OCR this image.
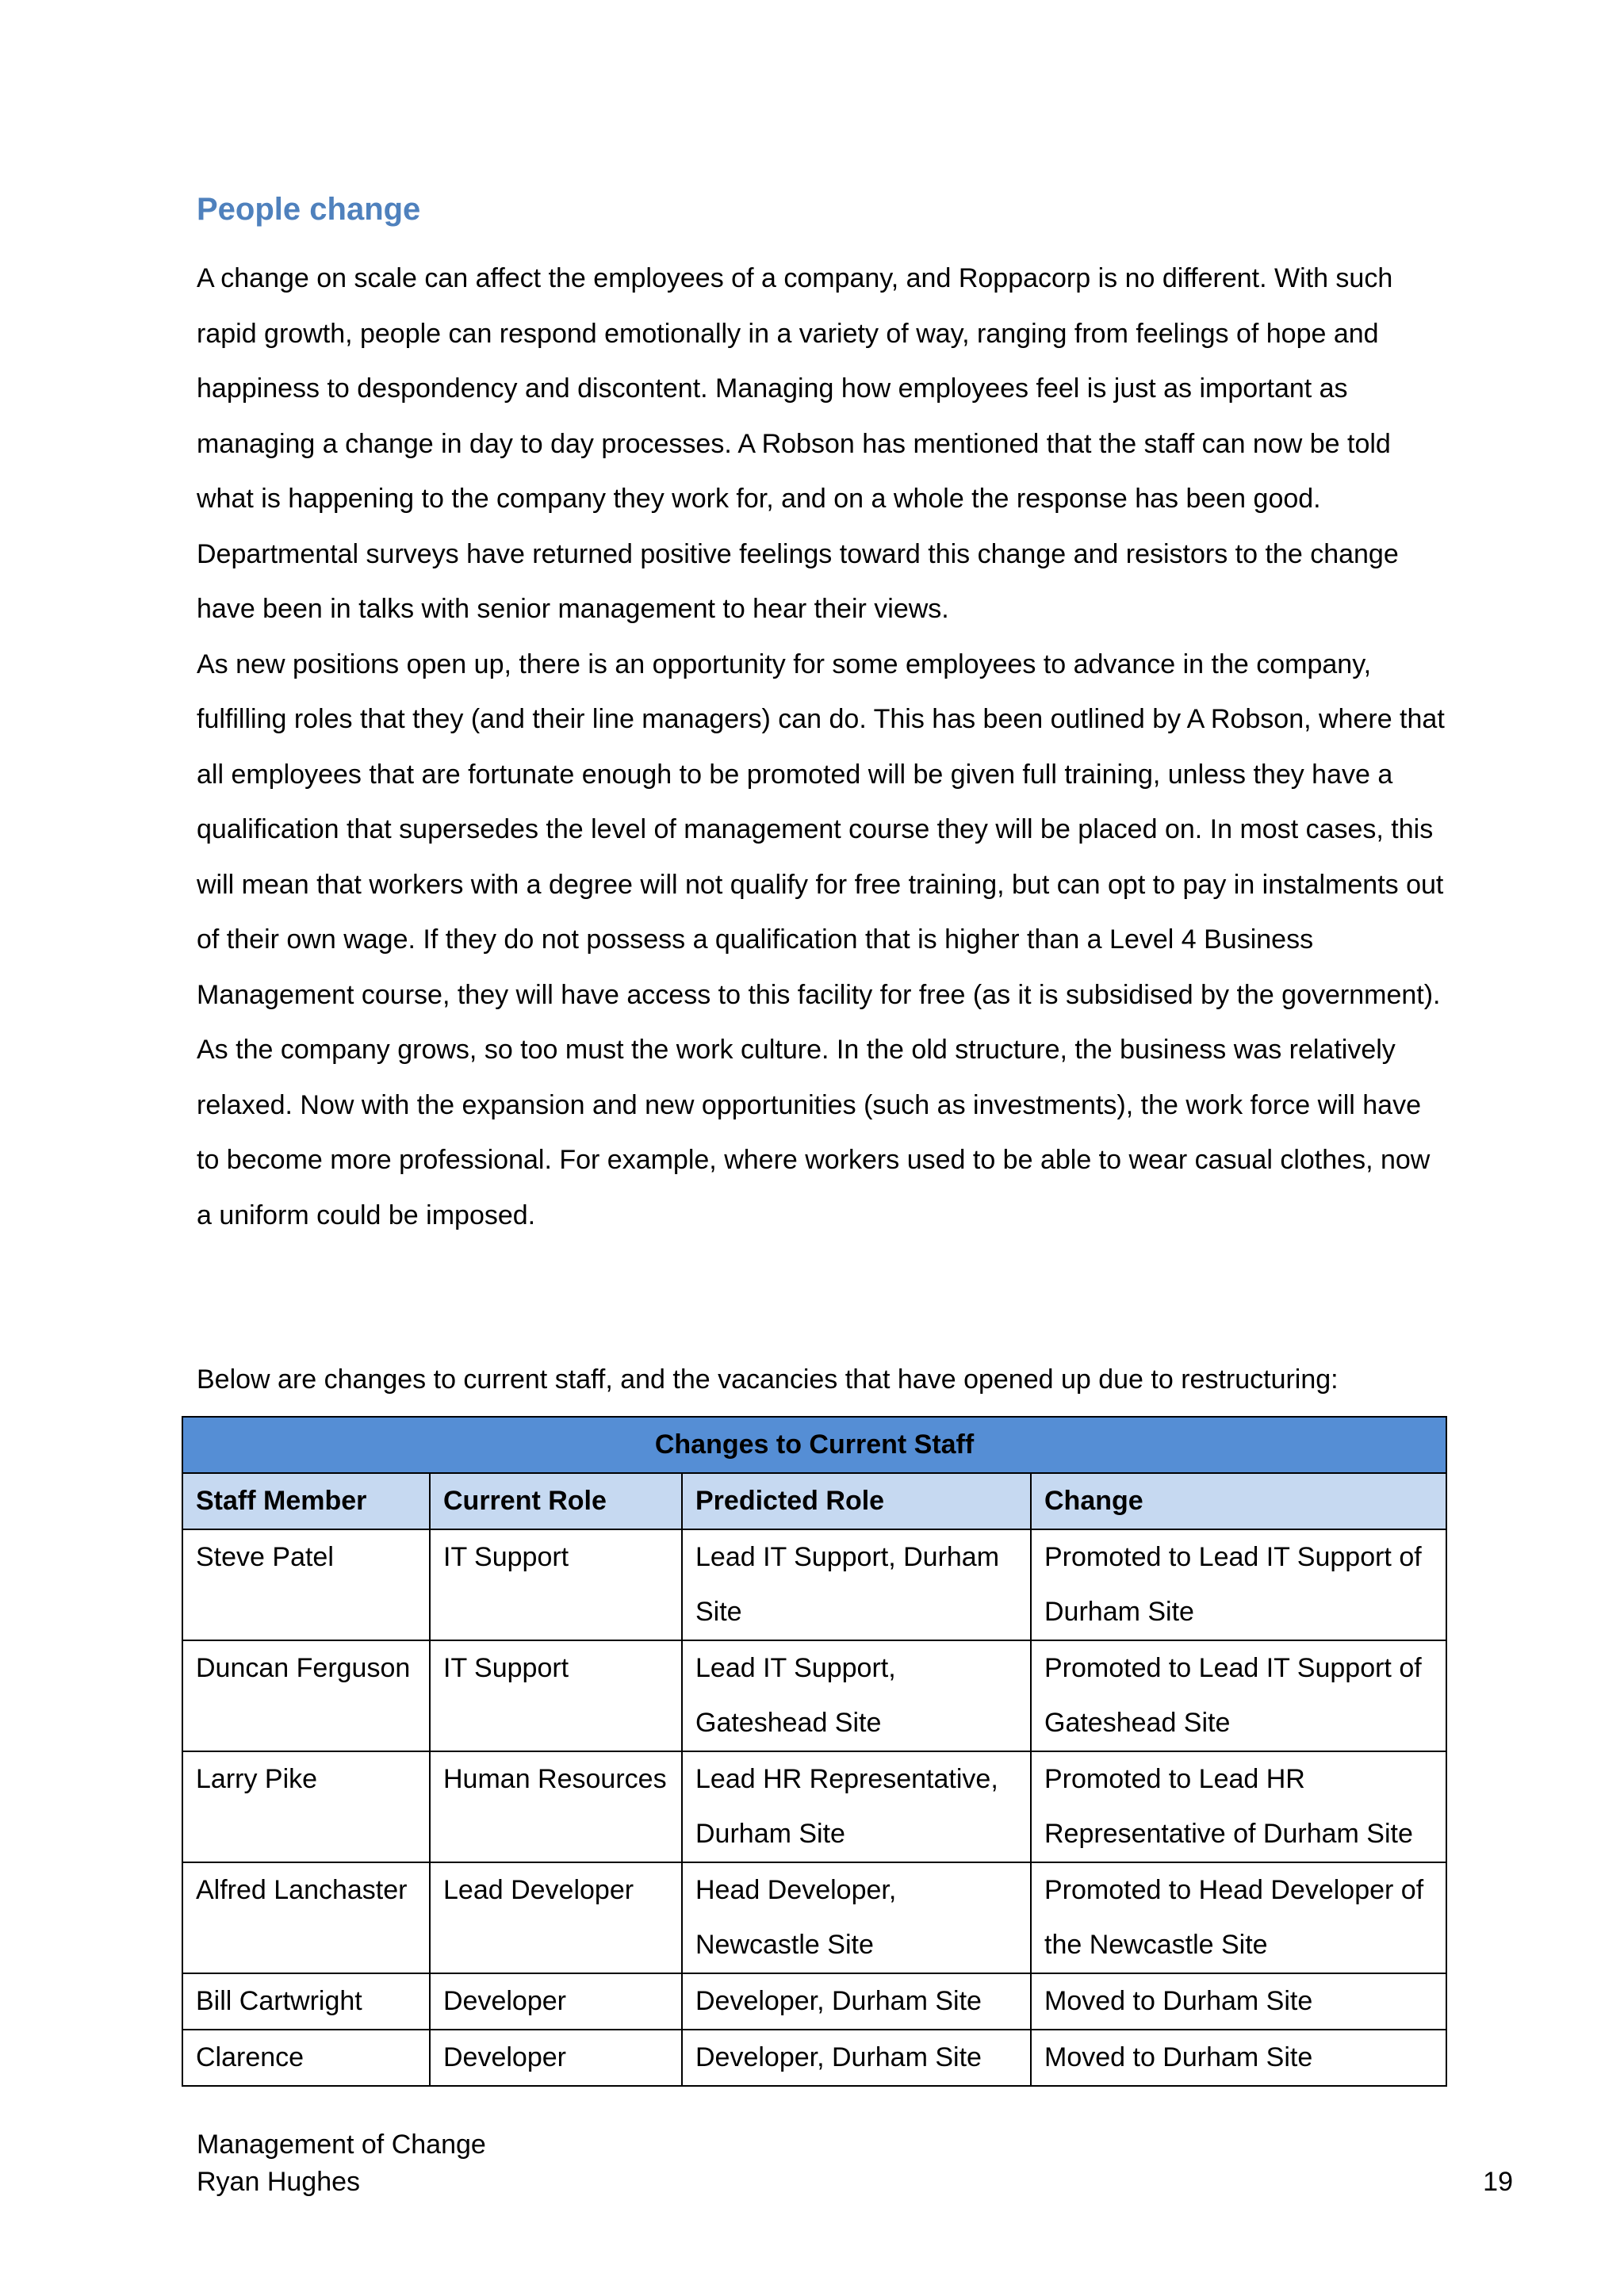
People change

A change on scale can affect the employees of a company, and Roppacorp is no different. With such rapid growth, people can respond emotionally in a variety of way, ranging from feelings of hope and happiness to despondency and discontent. Managing how employees feel is just as important as managing a change in day to day processes. A Robson has mentioned that the staff can now be told what is happening to the company they work for, and on a whole the response has been good. Departmental surveys have returned positive feelings toward this change and resistors to the change have been in talks with senior management to hear their views.

As new positions open up, there is an opportunity for some employees to advance in the company, fulfilling roles that they (and their line managers) can do. This has been outlined by A Robson, where that all employees that are fortunate enough to be promoted will be given full training, unless they have a qualification that supersedes the level of management course they will be placed on. In most cases, this will mean that workers with a degree will not qualify for free training, but can opt to pay in instalments out of their own wage. If they do not possess a qualification that is higher than a Level 4 Business Management course, they will have access to this facility for free (as it is subsidised by the government).

As the company grows, so too must the work culture. In the old structure, the business was relatively relaxed. Now with the expansion and new opportunities (such as investments), the work force will have to become more professional. For example, where workers used to be able to wear casual clothes, now a uniform could be imposed.

Below are changes to current staff, and the vacancies that have opened up due to restructuring:

Changes to Current Staff			
Staff Member	Current Role	Predicted Role	Change
Steve Patel	IT Support	Lead IT Support, Durham Site	Promoted to Lead IT Support of Durham Site
Duncan Ferguson	IT Support	Lead IT Support, Gateshead Site	Promoted to Lead IT Support of Gateshead Site
Larry Pike	Human Resources	Lead HR Representative, Durham Site	Promoted to Lead HR Representative of Durham Site
Alfred Lanchaster	Lead Developer	Head Developer, Newcastle Site	Promoted to Head Developer of the Newcastle Site
Bill Cartwright	Developer	Developer, Durham Site	Moved to Durham Site
Clarence	Developer	Developer, Durham Site	Moved to Durham Site
Management of Change
Ryan Hughes	19
